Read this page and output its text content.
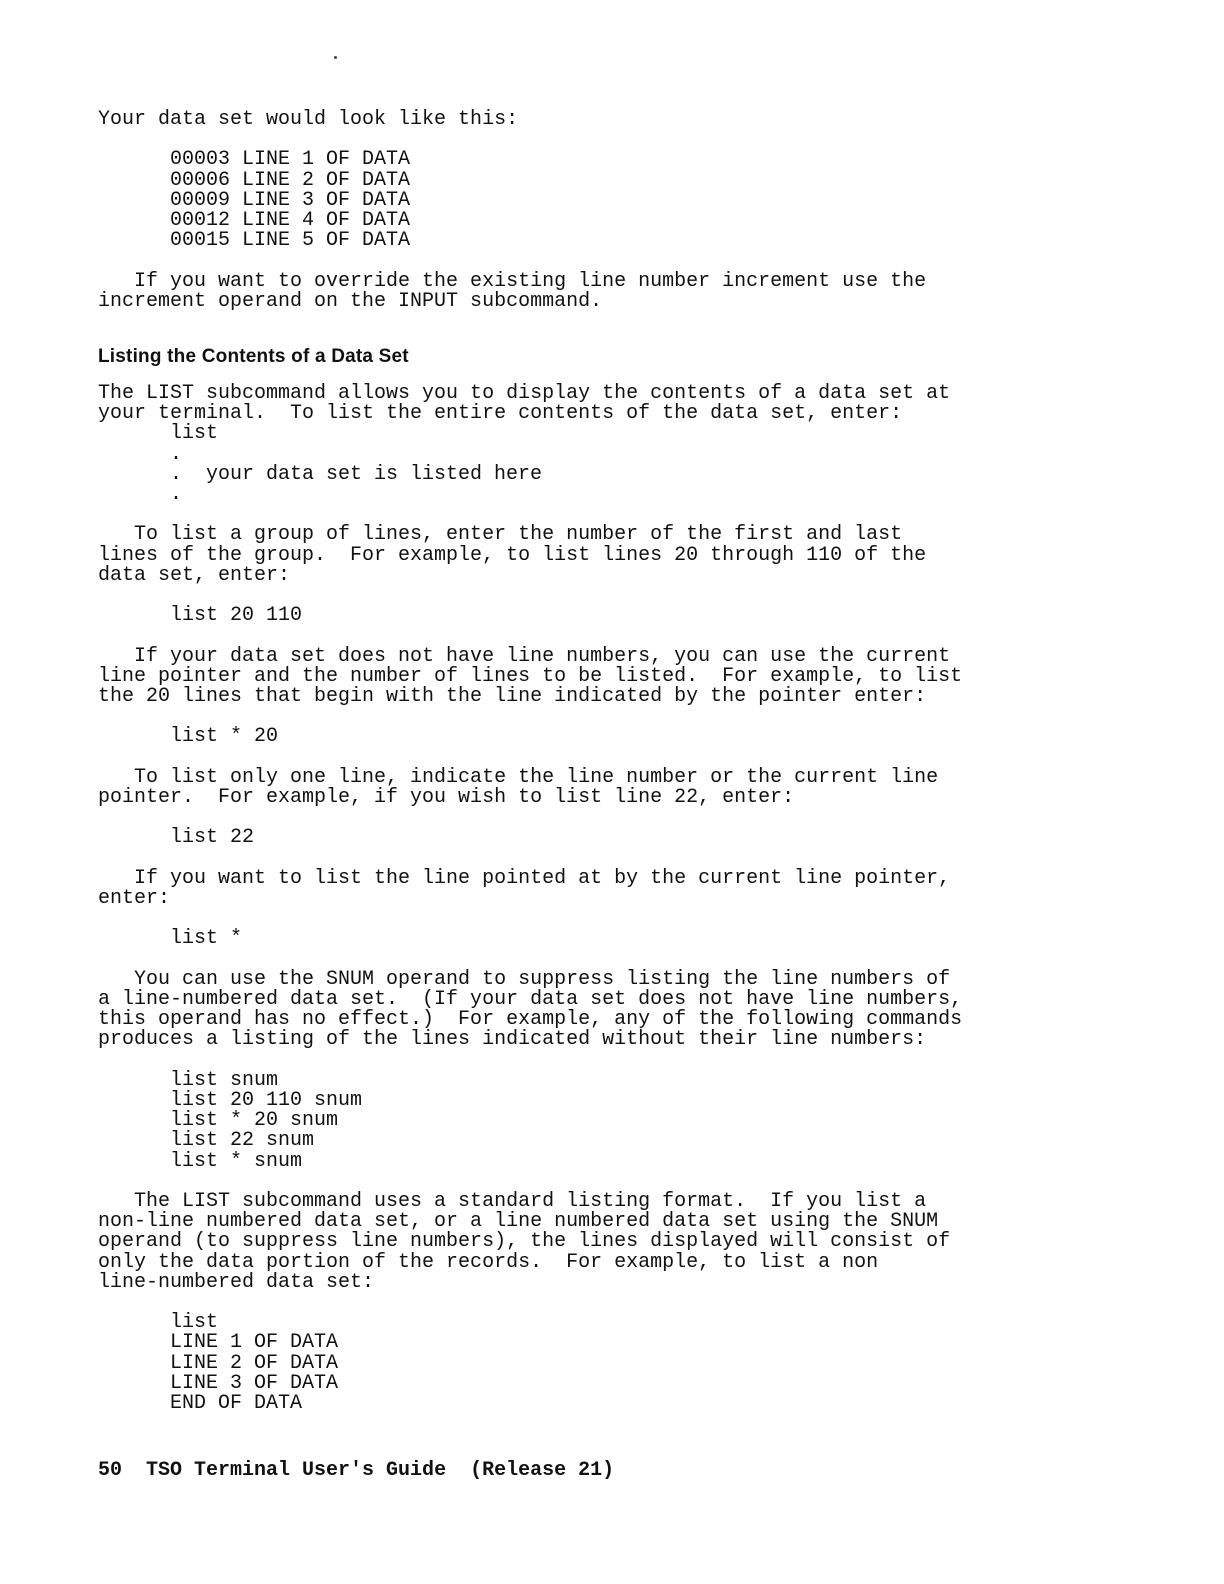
Your data set would look like this:

00003 LINE 1 OF DATA

00006 LINE 2 OF DATA

00009 LINE 3 OF DATA

00012 LINE 4 OF DATA

00015 LINE 5 OF DATA

If you want to override the existing line number increment use the
increment operand on the INPUT subcommand.

Listing the Contents of a Data Set

The LIST subcommand allows you to display the contents of a data set at
your terminal.  To list the entire contents of the data set, enter:

list
.
.  your data set is listed here
.

To list a group of lines, enter the number of the first and last
lines of the group.  For example, to list lines 20 through 110 of the
data set, enter:

list 20 110

If your data set does not have line numbers, you can use the current
line pointer and the number of lines to be listed.  For example, to list
the 20 lines that begin with the line indicated by the pointer enter:

list * 20

To list only one line, indicate the line number or the current line
pointer.  For example, if you wish to list line 22, enter:

list 22

If you want to list the line pointed at by the current line pointer,
enter:

list *

You can use the SNUM operand to suppress listing the line numbers of
a line-numbered data set.  (If your data set does not have line numbers,
this operand has no effect.)  For example, any of the following commands
produces a listing of the lines indicated without their line numbers:

list snum
list 20 110 snum
list * 20 snum
list 22 snum
list * snum

The LIST subcommand uses a standard listing format.  If you list a
non-line numbered data set, or a line numbered data set using the SNUM
operand (to suppress line numbers), the lines displayed will consist of
only the data portion of the records.  For example, to list a non
line-numbered data set:

list
LINE 1 OF DATA
LINE 2 OF DATA
LINE 3 OF DATA
END OF DATA

50 TSO Terminal User's Guide (Release 21)
